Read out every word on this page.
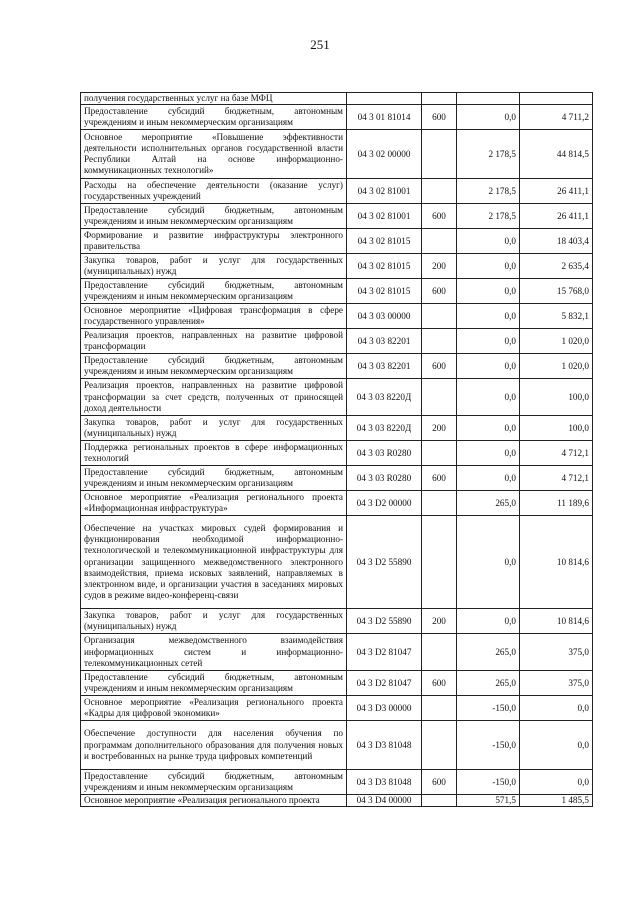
251
получения государственных услуг на базе МФЦ				
Предоставление субсидий бюджетным, автономным учреждениям и иным некоммерческим организациям	04 3 01 81014	600	0,0	4 711,2
Основное мероприятие «Повышение эффективности деятельности исполнительных органов государственной власти Республики Алтай на основе информационно-коммуникационных технологий»	04 3 02 00000		2 178,5	44 814,5
Расходы на обеспечение деятельности (оказание услуг) государственных учреждений	04 3 02 81001		2 178,5	26 411,1
Предоставление субсидий бюджетным, автономным учреждениям и иным некоммерческим организациям	04 3 02 81001	600	2 178,5	26 411,1
Формирование и развитие инфраструктуры электронного правительства	04 3 02 81015		0,0	18 403,4
Закупка товаров, работ и услуг для государственных (муниципальных) нужд	04 3 02 81015	200	0,0	2 635,4
Предоставление субсидий бюджетным, автономным учреждениям и иным некоммерческим организациям	04 3 02 81015	600	0,0	15 768,0
Основное мероприятие «Цифровая трансформация в сфере государственного управления»	04 3 03 00000		0,0	5 832,1
Реализация проектов, направленных на развитие цифровой трансформации	04 3 03 82201		0,0	1 020,0
Предоставление субсидий бюджетным, автономным учреждениям и иным некоммерческим организациям	04 3 03 82201	600	0,0	1 020,0
Реализация проектов, направленных на развитие цифровой трансформации за счет средств, полученных от приносящей доход деятельности	04 3 03 8220Д		0,0	100,0
Закупка товаров, работ и услуг для государственных (муниципальных) нужд	04 3 03 8220Д	200	0,0	100,0
Поддержка региональных проектов в сфере информационных технологий	04 3 03 R0280		0,0	4 712,1
Предоставление субсидий бюджетным, автономным учреждениям и иным некоммерческим организациям	04 3 03 R0280	600	0,0	4 712,1
Основное мероприятие «Реализация регионального проекта «Информационная инфраструктура»	04 3 D2 00000		265,0	11 189,6
Обеспечение на участках мировых судей формирования и функционирования необходимой информационно-технологической и телекоммуникационной инфраструктуры для организации защищенного межведомственного электронного взаимодействия, приема исковых заявлений, направляемых в электронном виде, и организации участия в заседаниях мировых судов в режиме видео-конференц-связи	04 3 D2 55890		0,0	10 814,6
Закупка товаров, работ и услуг для государственных (муниципальных) нужд	04 3 D2 55890	200	0,0	10 814,6
Организация межведомственного взаимодействия информационных систем и информационно-телекоммуникационных сетей	04 3 D2 81047		265,0	375,0
Предоставление субсидий бюджетным, автономным учреждениям и иным некоммерческим организациям	04 3 D2 81047	600	265,0	375,0
Основное мероприятие «Реализация регионального проекта «Кадры для цифровой экономики»	04 3 D3 00000		-150,0	0,0
Обеспечение доступности для населения обучения по программам дополнительного образования для получения новых и востребованных на рынке труда цифровых компетенций	04 3 D3 81048		-150,0	0,0
Предоставление субсидий бюджетным, автономным учреждениям и иным некоммерческим организациям	04 3 D3 81048	600	-150,0	0,0
Основное мероприятие «Реализация регионального проекта	04 3 D4 00000		571,5	1 485,5
